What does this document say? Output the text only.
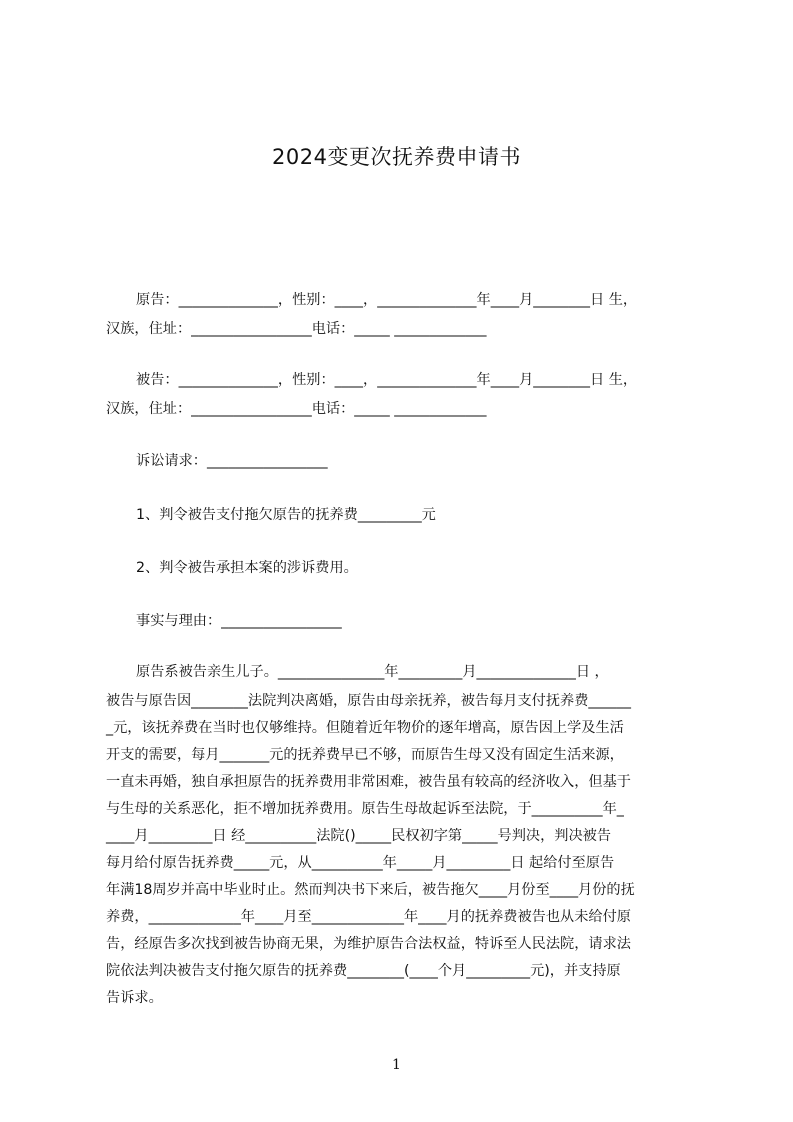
2024变更次抚养费申请书
原告：______________，性别：____，______________年____月________日 生，
汉族，住址：_________________电话：_____ _____________
被告：______________，性别：____，______________年____月________日 生，
汉族，住址：_________________电话：_____ _____________
诉讼请求：_________________
1、判令被告支付拖欠原告的抚养费_________元
2、判令被告承担本案的涉诉费用。
事实与理由：_________________
原告系被告亲生儿子。_______________年_________月______________日 ，
被告与原告因________法院判决离婚，原告由母亲抚养，被告每月支付抚养费______
_元，该抚养费在当时也仅够维持。但随着近年物价的逐年增高，原告因上学及生活
开支的需要，每月_______元的抚养费早已不够，而原告生母又没有固定生活来源，
一直未再婚，独自承担原告的抚养费用非常困难，被告虽有较高的经济收入，但基于
与生母的关系恶化，拒不增加抚养费用。原告生母故起诉至法院，于__________年_
____月_________日 经__________法院()_____民权初字第_____号判决，判决被告
每月给付原告抚养费_____元，从__________年_____月_________日 起给付至原告
年满18周岁并高中毕业时止。然而判决书下来后，被告拖欠____月份至____月份的抚
养费，_____________年____月至_____________年____月的抚养费被告也从未给付原
告，经原告多次找到被告协商无果，为维护原告合法权益，特诉至人民法院，请求法
院依法判决被告支付拖欠原告的抚养费________(____个月_________元)，并支持原
告诉求。
1
